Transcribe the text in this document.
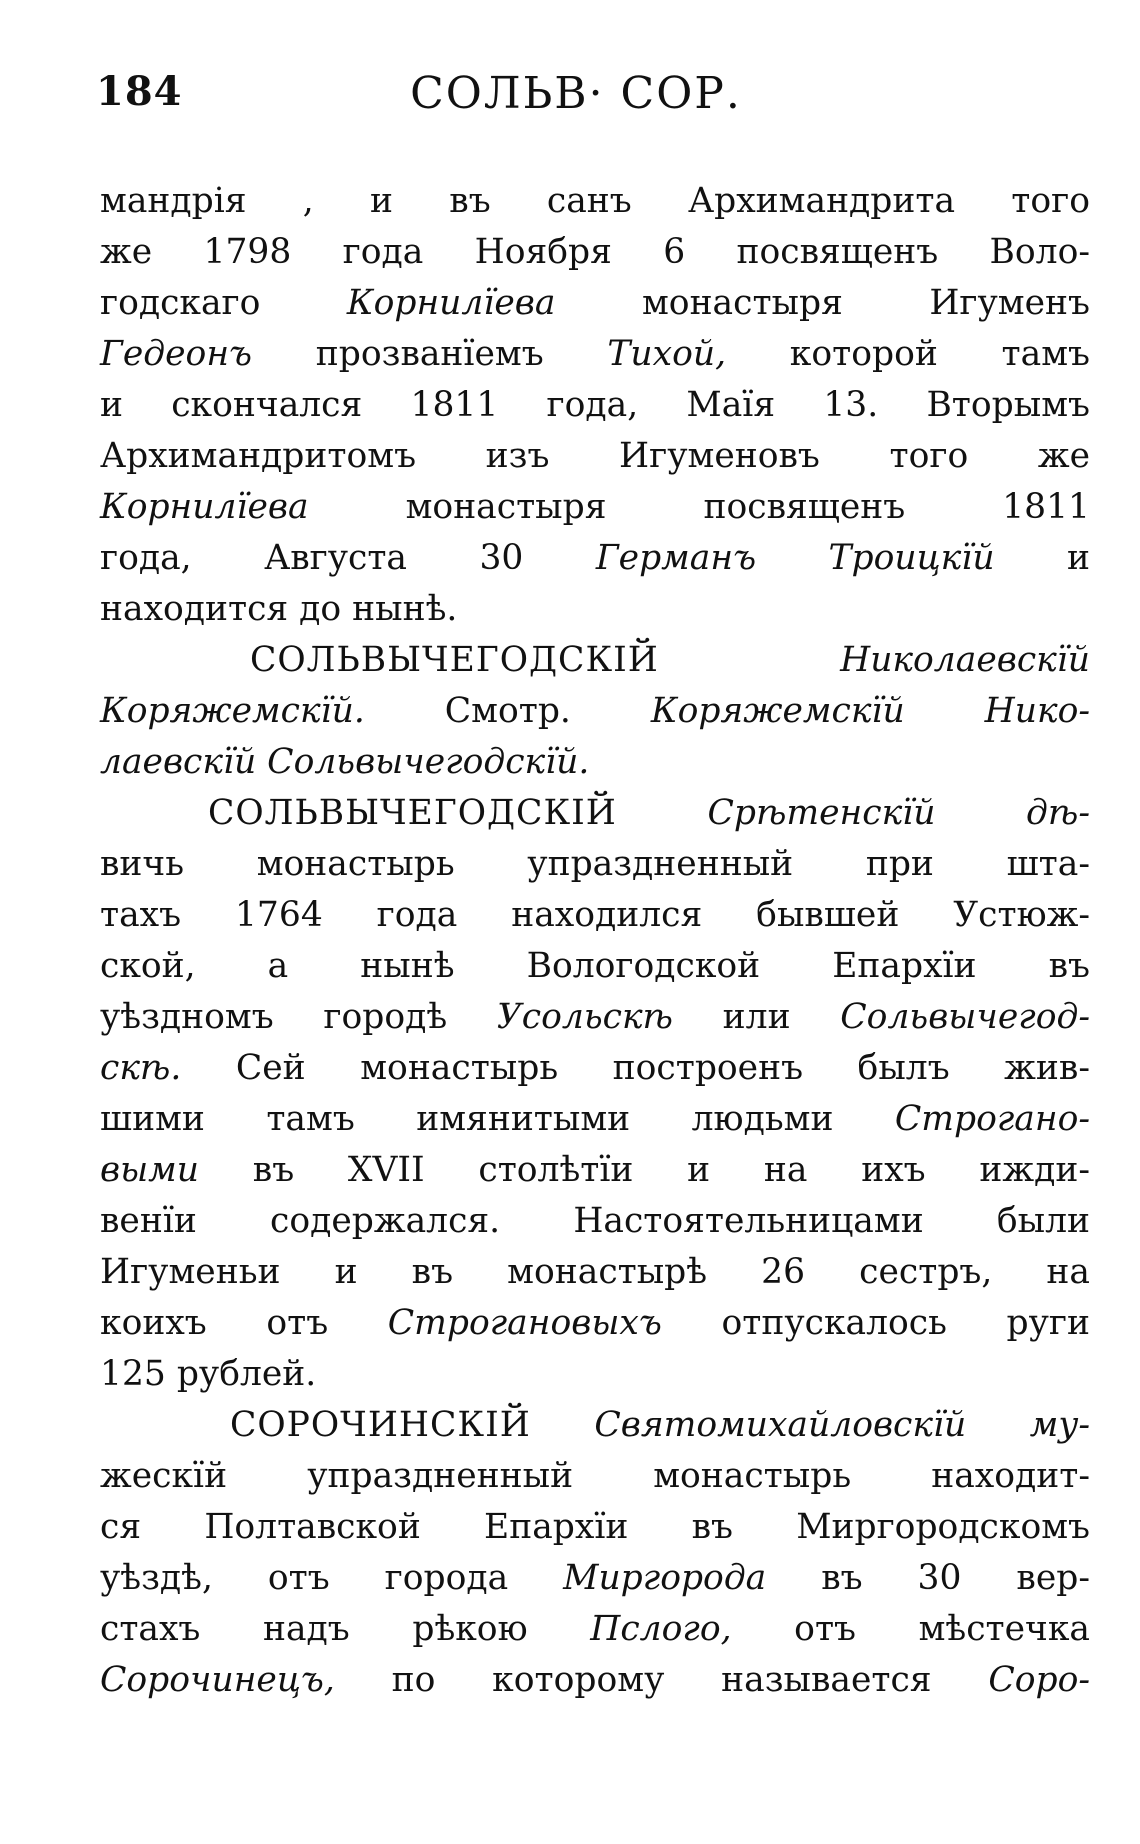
184	СОЛЬВ· СОР.

мандрія , и въ санъ Архимандрита того
же 1798 года Ноября 6 посвященъ Воло-
годскаго Корнилїева монастыря Игуменъ
Гедеонъ прозванїемъ Тихой, которой тамъ
и скончался 1811 года, Маїя 13. Вторымъ
Архимандритомъ изъ Игуменовъ того же
Корнилїева монастыря посвященъ 1811
года, Августа 30 Германъ Троицкїй и
находится до нынѣ.

СОЛЬВЫЧЕГОДСКIЙ Николаевскїй
Коряжемскїй. Смотр. Коряжемскїй Нико-
лаевскїй Сольвычегодскїй.

СОЛЬВЫЧЕГОДСКIЙ Срѣтенскїй дѣ-
вичь монастырь упраздненный при шта-
тахъ 1764 года находился бывшей Устюж-
ской, а нынѣ Вологодской Епархїи въ
уѣздномъ городѣ Усольскѣ или Сольвычегод-
скѣ. Сей монастырь построенъ былъ жив-
шими тамъ имянитыми людьми Строгано-
выми въ XVII столѣтїи и на ихъ ижди-
венїи содержался. Настоятельницами были
Игуменьи и въ монастырѣ 26 сестръ, на
коихъ отъ Строгановыхъ отпускалось руги
125 рублей.

СОРОЧИНСКIЙ Святомихайловскїй му-
жескїй упраздненный монастырь находит-
ся Полтавской Епархїи въ Миргородскомъ
уѣздѣ, отъ города Миргорода въ 30 вер-
стахъ надъ рѣкою Пслого, отъ мѣстечка
Сорочинецъ, по которому называется Соро-
